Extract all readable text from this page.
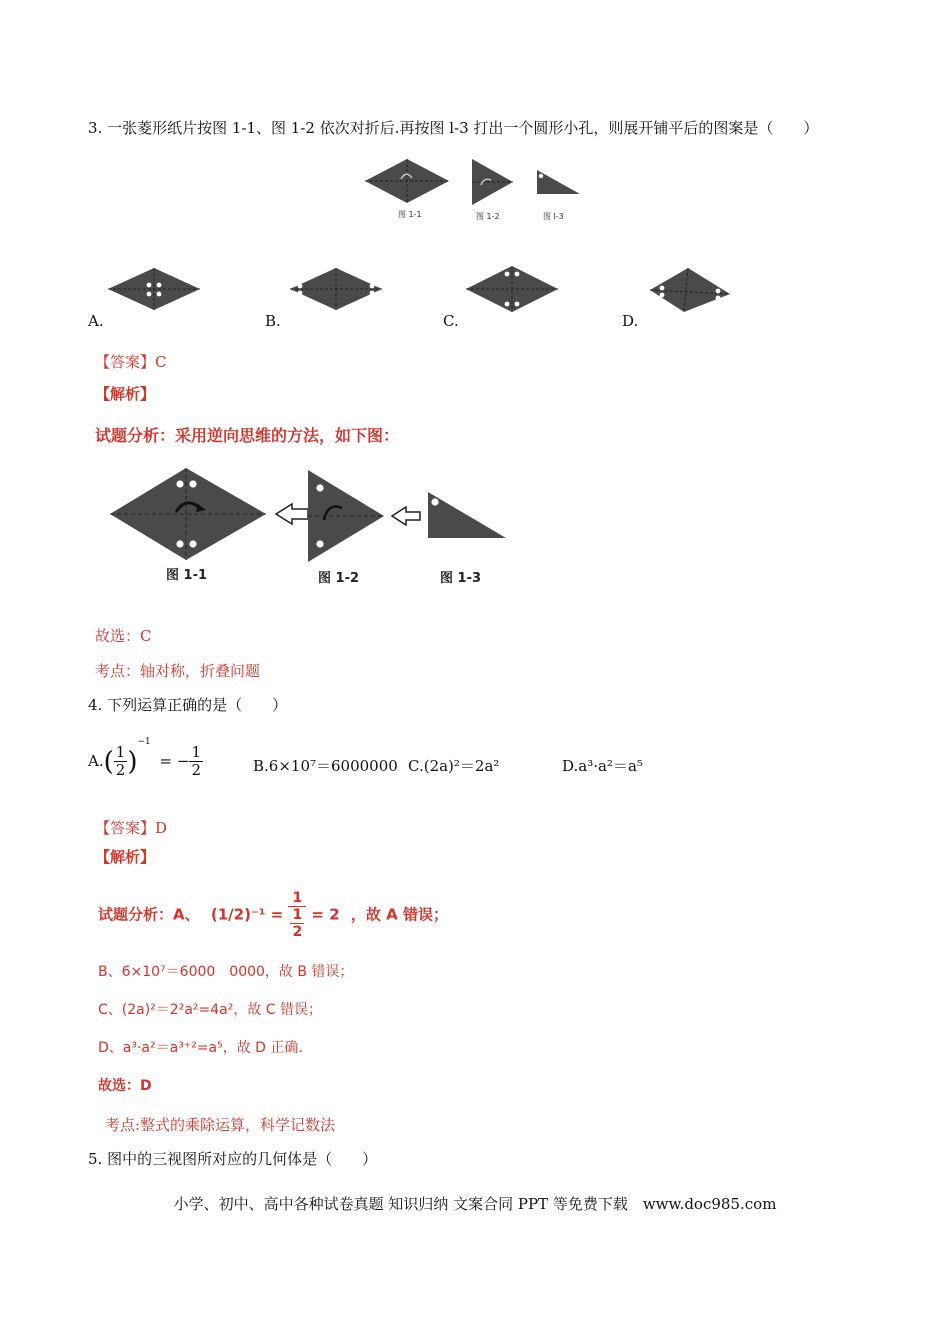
3. 一张菱形纸片按图 1-1、图 1-2 依次对折后.再按图 l-3 打出一个圆形小孔，则展开铺平后的图案是（　　）
图 1-1	图 1-2	图 l-3
A.	B.	C.	D.
【答案】C
【解析】
试题分析：采用逆向思维的方法，如下图：
图 1-1	图 1-2	图 1-3
故选：C
考点：轴对称，折叠问题
4. 下列运算正确的是（　　）
$A.( \frac{1}{2} )^{-1}$ = − $\frac{1}{2}$	B.6×10⁷＝6000000 C.(2a)²＝2a²	D.a³·a²＝a⁵
【答案】D
【解析】
试题分析：A、 $(1/2)^{-1} = \frac{1}{\frac{1}{2}} = 2$ ，故 A 错误；
B、6×10⁷＝6000　0000，故 B 错误；
C、(2a)²＝2²a²=4a²，故 C 错误；
D、a³·a²＝a³⁺²=a⁵，故 D 正确.
故选：D
考点:整式的乘除运算，科学记数法
5. 图中的三视图所对应的几何体是（　　）
小学、初中、高中各种试卷真题 知识归纳 文案合同 PPT 等免费下载　www.doc985.com
